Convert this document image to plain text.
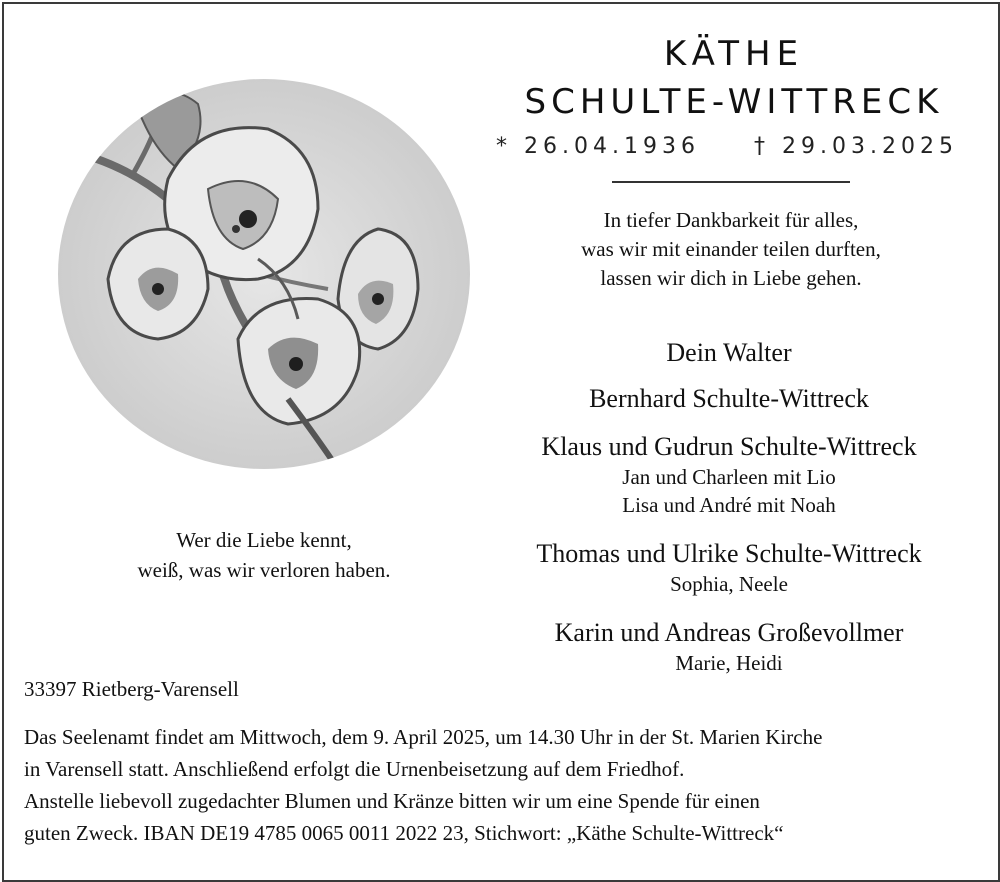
KÄTHE
SCHULTE-WITTRECK
* 26.04.1936 † 29.03.2025
In tiefer Dankbarkeit für alles,
was wir mit einander teilen durften,
lassen wir dich in Liebe gehen.
Dein Walter
Bernhard Schulte-Wittreck
Klaus und Gudrun Schulte-Wittreck
Jan und Charleen mit Lio
Lisa und André mit Noah
Thomas und Ulrike Schulte-Wittreck
Sophia, Neele
Karin und Andreas Großevollmer
Marie, Heidi
Wer die Liebe kennt,
weiß, was wir verloren haben.
33397 Rietberg-Varensell
Das Seelenamt findet am Mittwoch, dem 9. April 2025, um 14.30 Uhr in der St. Marien Kirche
in Varensell statt. Anschließend erfolgt die Urnenbeisetzung auf dem Friedhof.
Anstelle liebevoll zugedachter Blumen und Kränze bitten wir um eine Spende für einen
guten Zweck. IBAN DE19 4785 0065 0011 2022 23, Stichwort: „Käthe Schulte-Wittreck“
